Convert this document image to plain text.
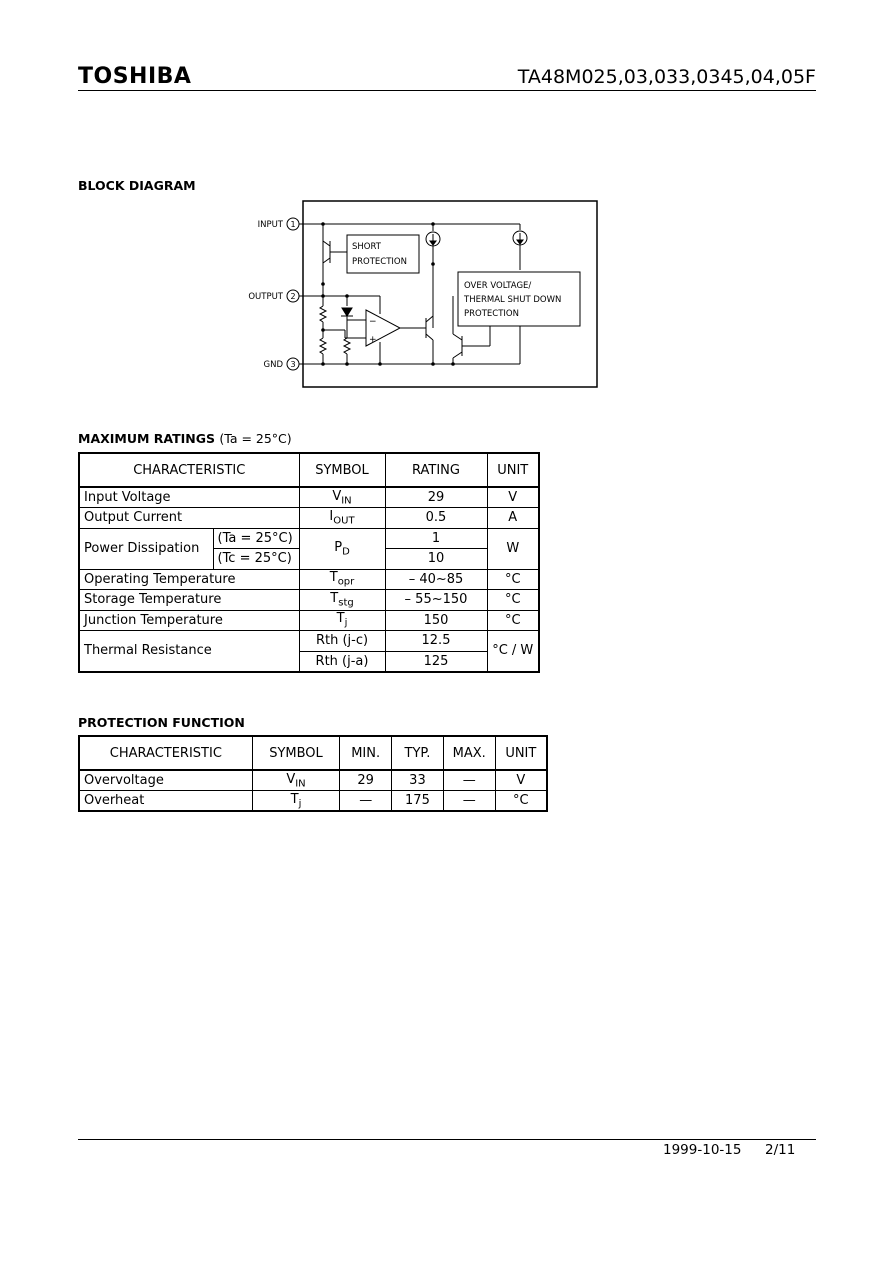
TOSHIBA	TA48M025,03,033,0345,04,05F
BLOCK DIAGRAM
INPUT
OUTPUT
GND
1
2
3
SHORT
PROTECTION
OVER VOLTAGE/
THERMAL SHUT DOWN
PROTECTION
−
+
MAXIMUM RATINGS (Ta = 25°C)
CHARACTERISTIC		SYMBOL	RATING	UNIT
Input Voltage		$V_{IN}$	29	V
Output Current		$I_{OUT}$	0.5	A
Power Dissipation	(Ta = 25°C)	$P_D$	1	W
	(Tc = 25°C)		10	
Operating Temperature		$T_{opr}$	– 40~85	°C
Storage Temperature		$T_{stg}$	– 55~150	°C
Junction Temperature		$T_j$	150	°C
Thermal Resistance		Rth (j-c)	12.5	°C / W
		Rth (j-a)	125	
PROTECTION FUNCTION
CHARACTERISTIC	SYMBOL	MIN.	TYP.	MAX.	UNIT
Overvoltage	$V_{IN}$	29	33	—	V
Overheat	$T_j$	—	175	—	°C
1999-10-15 2/11
